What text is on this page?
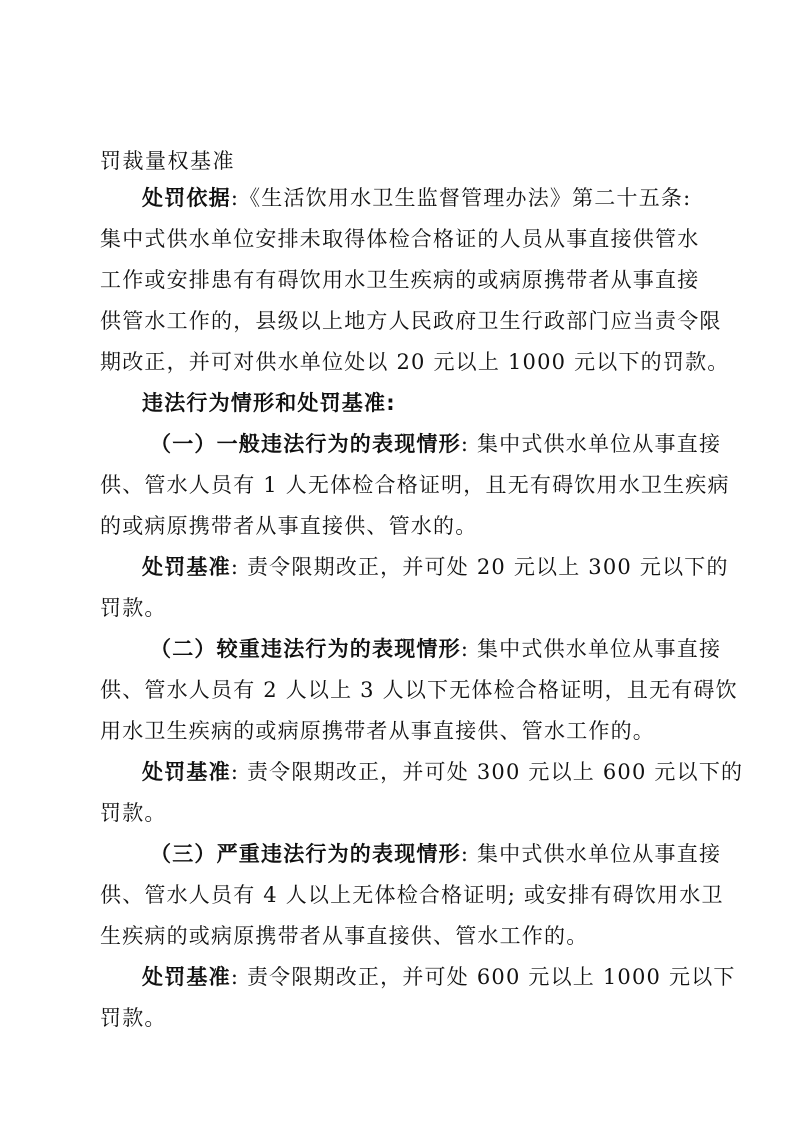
罚裁量权基准
处罚依据:《生活饮用水卫生监督管理办法》第二十五条:
集中式供水单位安排未取得体检合格证的人员从事直接供管水
工作或安排患有有碍饮用水卫生疾病的或病原携带者从事直接
供管水工作的，县级以上地方人民政府卫生行政部门应当责令限
期改正，并可对供水单位处以 20 元以上 1000 元以下的罚款。
违法行为情形和处罚基准:
（一）一般违法行为的表现情形: 集中式供水单位从事直接
供、管水人员有 1 人无体检合格证明，且无有碍饮用水卫生疾病
的或病原携带者从事直接供、管水的。
处罚基准: 责令限期改正，并可处 20 元以上 300 元以下的
罚款。
（二）较重违法行为的表现情形: 集中式供水单位从事直接
供、管水人员有 2 人以上 3 人以下无体检合格证明，且无有碍饮
用水卫生疾病的或病原携带者从事直接供、管水工作的。
处罚基准: 责令限期改正，并可处 300 元以上 600 元以下的
罚款。
（三）严重违法行为的表现情形: 集中式供水单位从事直接
供、管水人员有 4 人以上无体检合格证明; 或安排有碍饮用水卫
生疾病的或病原携带者从事直接供、管水工作的。
处罚基准: 责令限期改正，并可处 600 元以上 1000 元以下
罚款。
